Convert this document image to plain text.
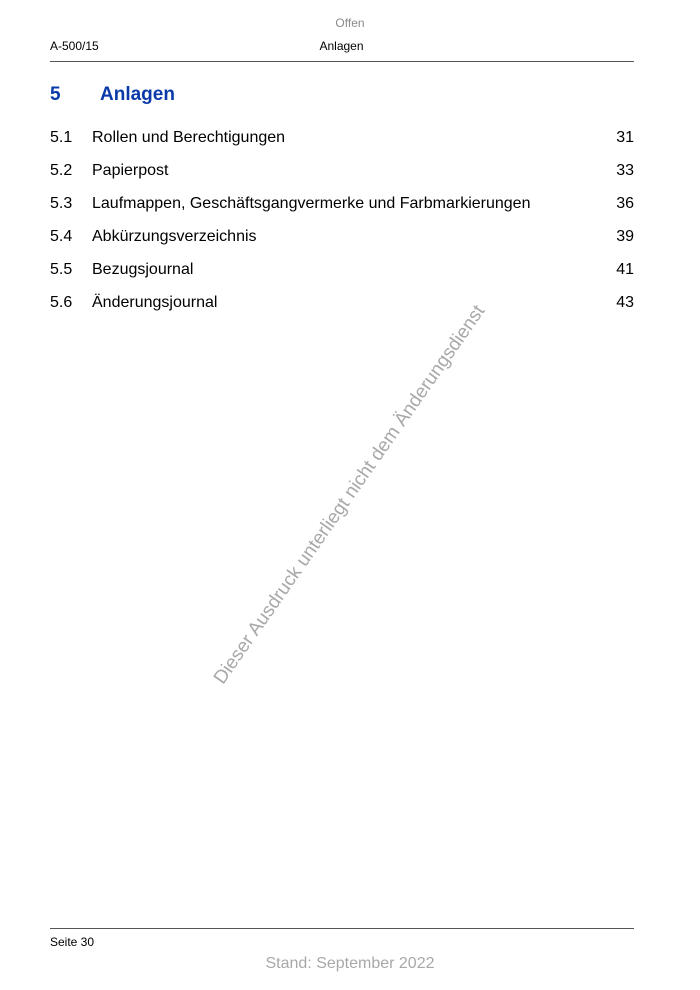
Offen
A-500/15	Anlagen
5 Anlagen
5.1 Rollen und Berechtigungen	31
5.2 Papierpost	33
5.3 Laufmappen, Geschäftsgangvermerke und Farbmarkierungen	36
5.4 Abkürzungsverzeichnis	39
5.5 Bezugsjournal	41
5.6 Änderungsjournal	43
Dieser Ausdruck unterliegt nicht dem Änderungsdienst
Seite 30
Stand: September 2022
